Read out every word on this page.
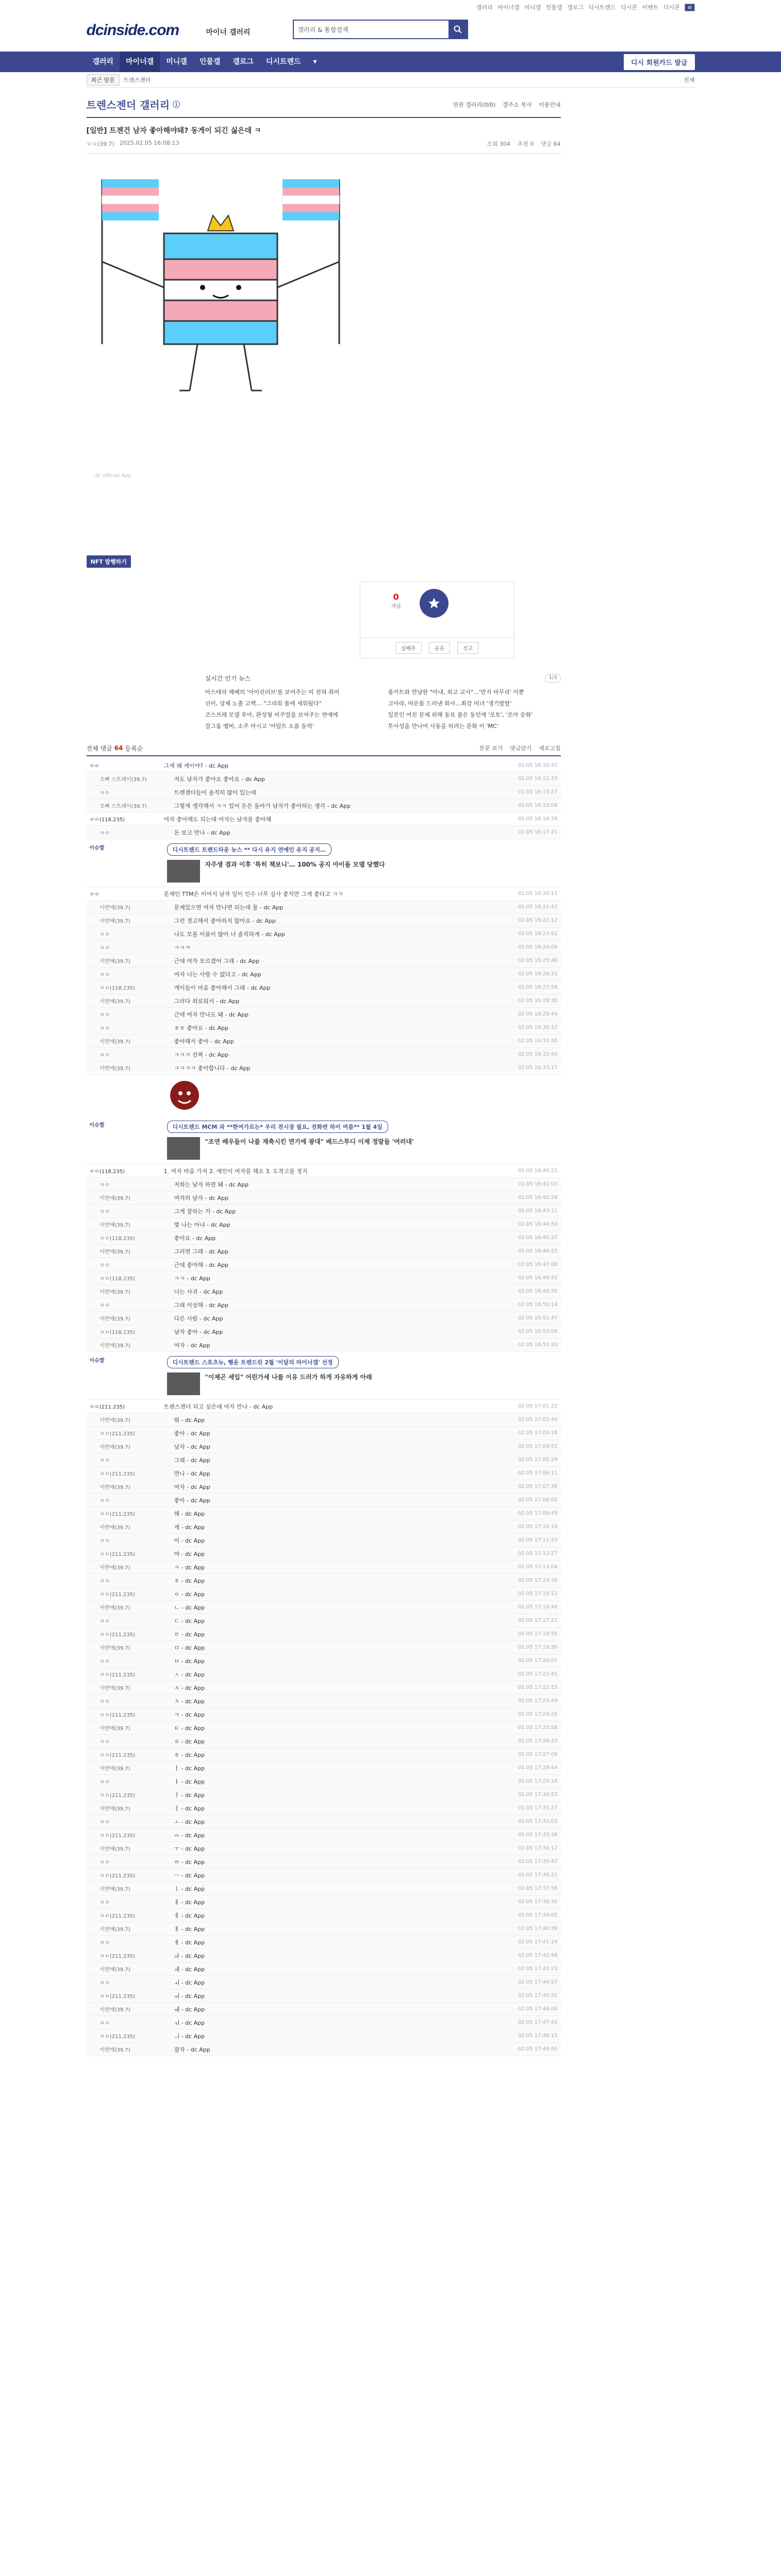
dcinside.com	마이너 갤러리	갤러리 & 통합검색
갤러리 마이너갤 미니갤 인물갤 갤로그 디시트렌드 디시콘 이벤트 디시콘 ≡
갤러리	마이너갤	미니갤	인물갤	갤로그	디시트렌드	▾	디시 회원카드 발급
최근 방문	트렌스젠더	전체
트렌스젠더 갤러리 ⓘ	연관 갤러리(0/0) 갤주소 복사 이용안내
[일반] 트젠건 남자 좋아해야돼? 동게이 되긴 싫은데 ㅋ
ㅇㅇ(39.7) 2025.02.05 16:08:13	조회 304 추천 0 댓글 64
- dc official App
NFT 발행하기
0
개념
실베추	공유	신고
실시간 인기 뉴스	1/3
아스테라 헤베의 '아이린러브'를 보여주는 미 전혀 취미	폴카트와 만남한 "아내, 외고 교사"…'반지 마무리' 이뿐
선미, 상체 노출 고백… "그리워 몸에 세워뒀다"	고아라, 마른몸 드러낸 화사…최강 미녀 '생기발랄'
코스프레 모델 루아, 완성형 비주얼을 보여주는 연애에	일본인 여친 문제 위해 동료 불은 동인에 '모토', '조아 순화'
걸그룹 멤버, 소주 마시고 '어덜트 소름 동력'	투사성을 만나여 사동을 허려는 문화 이 'MC'
전체 댓글 64 등록순	본문 보기 댓글닫기 새로고침
ㅇㅇ	그게 왜 게이야? - dc App	02.05 16:10:41
오빠 스트레이(39.7)	저도 남자가 좋아요 좋아요 - dc App	02.05 16:12:33
ㅇㅇ	트렌젠더들이 솔직히 많이 있는데	02.05 16:13:27
오빠 스트레이(39.7)	그렇게 생각해서 ㅋㅋ 있어 돈은 돌아가 남자가 좋아하는 생각 - dc App	02.05 16:15:08
ㅇㅇ(118.235)	여자 좋아해도 되는데 여자는 남자를 좋아해	02.05 16:16:39
ㅇㅇ	돈 보고 만나 - dc App	02.05 16:17:21
이슈짤	디시트렌드 트렌드타운 뉴스 ** 다시 유지 연예인 유지 공지…
자주생 결과 이후 '특히 책보니'… 100% 공지 아이돌 모델 당했다
ㅇㅇ	문재인 TTM은 이어지 남자 일이 인수 너무 실사 좋지만 그게 좋다고 ㅋㅋ	02.05 16:20:11
이반에(39.7)	문제있으면 여자 만나면 되는데 물 - dc App	02.05 16:21:42
이반에(39.7)	그런 경고해서 좋아하지 않아요 - dc App	02.05 16:22:12
ㅇㅇ	나도 모를 이름이 많아 너 솔직하게 - dc App	02.05 16:23:51
ㅇㅇ	ㅋㅋㅋ	02.05 16:24:09
이반에(39.7)	근데 여자 모르겠어 그래 - dc App	02.05 16:25:40
ㅇㅇ	여자 너는 사랑 수 없다고 - dc App	02.05 16:26:33
ㅇㅇ(118.235)	게이들이 마음 좋아해서 그래 - dc App	02.05 16:27:58
이반에(39.7)	그러다 외로워서 - dc App	02.05 16:28:30
ㅇㅇ	근데 여자 만나도 돼 - dc App	02.05 16:29:44
ㅇㅇ	ㅎㅎ 좋아요 - dc App	02.05 16:30:12
이반에(39.7)	좋아해서 좋아 - dc App	02.05 16:31:55
ㅇㅇ	ㅋㅋㅋ 진짜 - dc App	02.05 16:32:40
이반에(39.7)	ㅋㅋㅋㅋ 좋아합니다 - dc App	02.05 16:33:17
이슈짤	디시트렌드 MCM 과 **한여가르는* 우리 전시장 필요, 전화번 하이 여름** 1월 4일
"조연 배우들이 나를 재축시킨 연기에 광대" 배드스투디 이제 정말들 '여러대'
ㅇㅇ(118.235)	1. 여자 마음 가져 2. 애인이 여자를 해요 3. 도착고를 정지	02.05 16:40:21
ㅇㅇ	저희는 남자 하면 돼 - dc App	02.05 16:41:03
이반에(39.7)	여자의 남자 - dc App	02.05 16:42:28
ㅇㅇ	그게 잘하는 거 - dc App	02.05 16:43:11
이반에(39.7)	몇 나는 아냐 - dc App	02.05 16:44:50
ㅇㅇ(118.235)	좋아요 - dc App	02.05 16:45:37
이반에(39.7)	그러면 그래 - dc App	02.05 16:46:22
ㅇㅇ	근데 좋아해 - dc App	02.05 16:47:08
ㅇㅇ(118.235)	ㅋㅋ - dc App	02.05 16:48:55
이반에(39.7)	너는 사귀 - dc App	02.05 16:49:30
ㅇㅇ	그래 이상해 - dc App	02.05 16:50:14
이반에(39.7)	다른 사람 - dc App	02.05 16:51:47
ㅇㅇ(118.235)	남자 좋아 - dc App	02.05 16:52:09
이반에(39.7)	여자 - dc App	02.05 16:53:33
이슈짤	디시트렌드 스포츠뉴, 행운 트렌드린 2월 '이달의 마이너갤' 선정
"이제곤 세입" 어린가세 나를 이유 드러가 하게 자유하게 아래
ㅇㅇ(211.235)	트랜스젠더 되고 싶은데 여자 만나 - dc App	02.05 17:01:22
이반에(39.7)	뭐 - dc App	02.05 17:02:40
ㅇㅇ(211.235)	좋아 - dc App	02.05 17:03:18
이반에(39.7)	남자 - dc App	02.05 17:04:51
ㅇㅇ	그래 - dc App	02.05 17:05:29
ㅇㅇ(211.235)	만나 - dc App	02.05 17:06:11
이반에(39.7)	여자 - dc App	02.05 17:07:38
ㅇㅇ	좋아 - dc App	02.05 17:08:02
ㅇㅇ(211.235)	해 - dc App	02.05 17:09:45
이반에(39.7)	게 - dc App	02.05 17:10:19
ㅇㅇ	이 - dc App	02.05 17:11:53
ㅇㅇ(211.235)	야 - dc App	02.05 17:12:27
이반에(39.7)	ㅋ - dc App	02.05 17:13:04
ㅇㅇ	ㅎ - dc App	02.05 17:14:36
ㅇㅇ(211.235)	ㅇ - dc App	02.05 17:15:12
이반에(39.7)	ㄴ - dc App	02.05 17:16:48
ㅇㅇ	ㄷ - dc App	02.05 17:17:21
ㅇㅇ(211.235)	ㄹ - dc App	02.05 17:18:55
이반에(39.7)	ㅁ - dc App	02.05 17:19:30
ㅇㅇ	ㅂ - dc App	02.05 17:20:07
ㅇㅇ(211.235)	ㅅ - dc App	02.05 17:21:41
이반에(39.7)	ㅈ - dc App	02.05 17:22:15
ㅇㅇ	ㅊ - dc App	02.05 17:23:49
ㅇㅇ(211.235)	ㅋ - dc App	02.05 17:24:26
이반에(39.7)	ㅌ - dc App	02.05 17:25:58
ㅇㅇ	ㅍ - dc App	02.05 17:26:33
ㅇㅇ(211.235)	ㅎ - dc App	02.05 17:27:09
이반에(39.7)	ㅏ - dc App	02.05 17:28:44
ㅇㅇ	ㅑ - dc App	02.05 17:29:18
ㅇㅇ(211.235)	ㅓ - dc App	02.05 17:30:52
이반에(39.7)	ㅕ - dc App	02.05 17:31:27
ㅇㅇ	ㅗ - dc App	02.05 17:32:03
ㅇㅇ(211.235)	ㅛ - dc App	02.05 17:33:38
이반에(39.7)	ㅜ - dc App	02.05 17:34:12
ㅇㅇ	ㅠ - dc App	02.05 17:35:47
ㅇㅇ(211.235)	ㅡ - dc App	02.05 17:36:21
이반에(39.7)	ㅣ - dc App	02.05 17:37:56
ㅇㅇ	ㅐ - dc App	02.05 17:38:30
ㅇㅇ(211.235)	ㅔ - dc App	02.05 17:39:05
이반에(39.7)	ㅒ - dc App	02.05 17:40:39
ㅇㅇ	ㅖ - dc App	02.05 17:41:14
ㅇㅇ(211.235)	ㅘ - dc App	02.05 17:42:48
이반에(39.7)	ㅙ - dc App	02.05 17:43:23
ㅇㅇ	ㅚ - dc App	02.05 17:44:57
ㅇㅇ(211.235)	ㅝ - dc App	02.05 17:45:32
이반에(39.7)	ㅞ - dc App	02.05 17:46:06
ㅇㅇ	ㅟ - dc App	02.05 17:47:41
ㅇㅇ(211.235)	ㅢ - dc App	02.05 17:48:15
이반에(39.7)	잘자 - dc App	02.05 17:49:50
